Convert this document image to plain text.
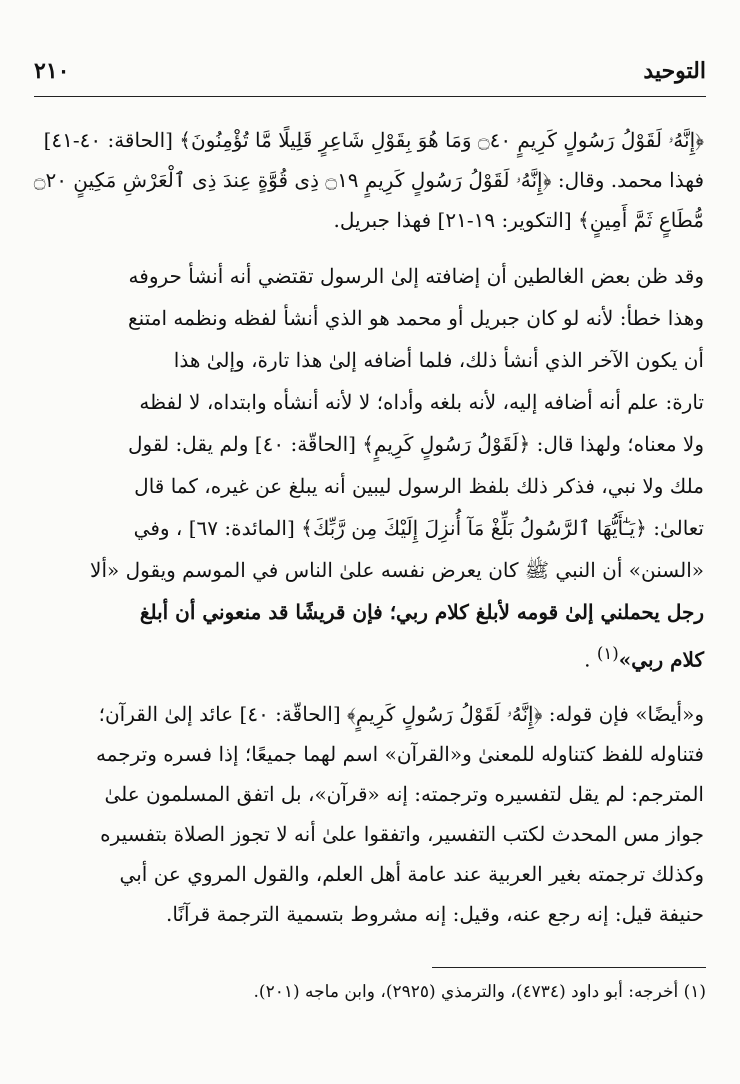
٢١٠	التوحيد
﴿إِنَّهُۥ لَقَوْلُ رَسُولٍ كَرِيمٍ ۝٤٠ وَمَا هُوَ بِقَوْلِ شَاعِرٍ قَلِيلًا مَّا تُؤْمِنُونَ﴾ [الحاقة: ٤٠-٤١]
فهذا محمد. وقال: ﴿إِنَّهُۥ لَقَوْلُ رَسُولٍ كَرِيمٍ ۝١٩ ذِى قُوَّةٍ عِندَ ذِى ٱلْعَرْشِ مَكِينٍ ۝٢٠
مُّطَاعٍ ثَمَّ أَمِينٍ﴾ [التكوير: ١٩-٢١] فهذا جبريل.
وقد ظن بعض الغالطين أن إضافته إلىٰ الرسول تقتضي أنه أنشأ حروفه
وهذا خطأ: لأنه لو كان جبريل أو محمد هو الذي أنشأ لفظه ونظمه امتنع
أن يكون الآخر الذي أنشأ ذلك، فلما أضافه إلىٰ هذا تارة، وإلىٰ هذا
تارة: علم أنه أضافه إليه، لأنه بلغه وأداه؛ لا لأنه أنشأه وابتداه، لا لفظه
ولا معناه؛ ولهذا قال: ﴿لَقَوْلُ رَسُولٍ كَرِيمٍ﴾ [الحاقّة: ٤٠] ولم يقل: لقول
ملك ولا نبي، فذكر ذلك بلفظ الرسول ليبين أنه يبلغ عن غيره، كما قال
تعالىٰ: ﴿يَـٰٓأَيُّهَا ٱلرَّسُولُ بَلِّغْ مَآ أُنزِلَ إِلَيْكَ مِن رَّبِّكَ﴾ [المائدة: ٦٧] ، وفي
«السنن» أن النبي ﷺ كان يعرض نفسه علىٰ الناس في الموسم ويقول «ألا
رجل يحملني إلىٰ قومه لأبلغ كلام ربي؛ فإن قريشًا قد منعوني أن أبلغ
كلام ربي»$^{(١)}$ .
و«أيضًا» فإن قوله: ﴿إِنَّهُۥ لَقَوْلُ رَسُولٍ كَرِيمٍ﴾ [الحاقّة: ٤٠] عائد إلىٰ القرآن؛
فتناوله للفظ كتناوله للمعنىٰ و«القرآن» اسم لهما جميعًا؛ إذا فسره وترجمه
المترجم: لم يقل لتفسيره وترجمته: إنه «قرآن»، بل اتفق المسلمون علىٰ
جواز مس المحدث لكتب التفسير، واتفقوا علىٰ أنه لا تجوز الصلاة بتفسيره
وكذلك ترجمته بغير العربية عند عامة أهل العلم، والقول المروي عن أبي
حنيفة قيل: إنه رجع عنه، وقيل: إنه مشروط بتسمية الترجمة قرآنًا.
(١) أخرجه: أبو داود (٤٧٣٤)، والترمذي (٢٩٢٥)، وابن ماجه (٢٠١).
